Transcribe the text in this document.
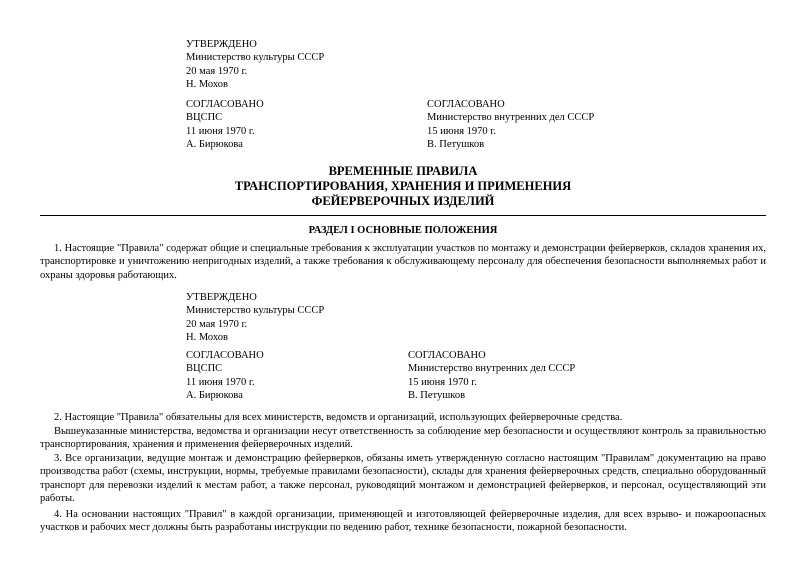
УТВЕРЖДЕНО
Министерство культуры СССР
20 мая 1970 г.
Н. Мохов
СОГЛАСОВАНО
ВЦСПС
11 июня 1970 г.
А. Бирюкова
СОГЛАСОВАНО
Министерство внутренних дел СССР
15 июня 1970 г.
В. Петушков
ВРЕМЕННЫЕ ПРАВИЛА
ТРАНСПОРТИРОВАНИЯ, ХРАНЕНИЯ И ПРИМЕНЕНИЯ
ФЕЙЕРВЕРОЧНЫХ ИЗДЕЛИЙ
РАЗДЕЛ I ОСНОВНЫЕ ПОЛОЖЕНИЯ

1. Настоящие "Правила" содержат общие и специальные требования к эксплуатации участков по монтажу и демонстрации фейерверков, складов хранения их, транспортировке и уничтожению непригодных изделий, а также требования к обслуживающему персоналу для обеспечения безопасности выполняемых работ и охраны здоровья работающих.

УТВЕРЖДЕНО
Министерство культуры СССР
20 мая 1970 г.
Н. Мохов
СОГЛАСОВАНО
ВЦСПС
11 июня 1970 г.
А. Бирюкова
СОГЛАСОВАНО
Министерство внутренних дел СССР
15 июня 1970 г.
В. Петушков

2. Настоящие "Правила" обязательны для всех министерств, ведомств и организаций, использующих фейерверочные средства.

Вышеуказанные министерства, ведомства и организации несут ответственность за соблюдение мер безопасности и осуществляют контроль за правильностью транспортирования, хранения и применения фейерверочных изделий.

3. Все организации, ведущие монтаж и демонстрацию фейерверков, обязаны иметь утвержденную согласно настоящим "Правилам" документацию на право производства работ (схемы, инструкции, нормы, требуемые правилами безопасности), склады для хранения фейерверочных средств, специально оборудованный транспорт для перевозки изделий к местам работ, а также персонал, руководящий монтажом и демонстрацией фейерверков, и персонал, осуществляющий эти работы.

4. На основании настоящих "Правил" в каждой организации, применяющей и изготовляющей фейерверочные изделия, для всех взрыво- и пожароопасных участков и рабочих мест должны быть разработаны инструкции по ведению работ, технике безопасности, пожарной безопасности.
